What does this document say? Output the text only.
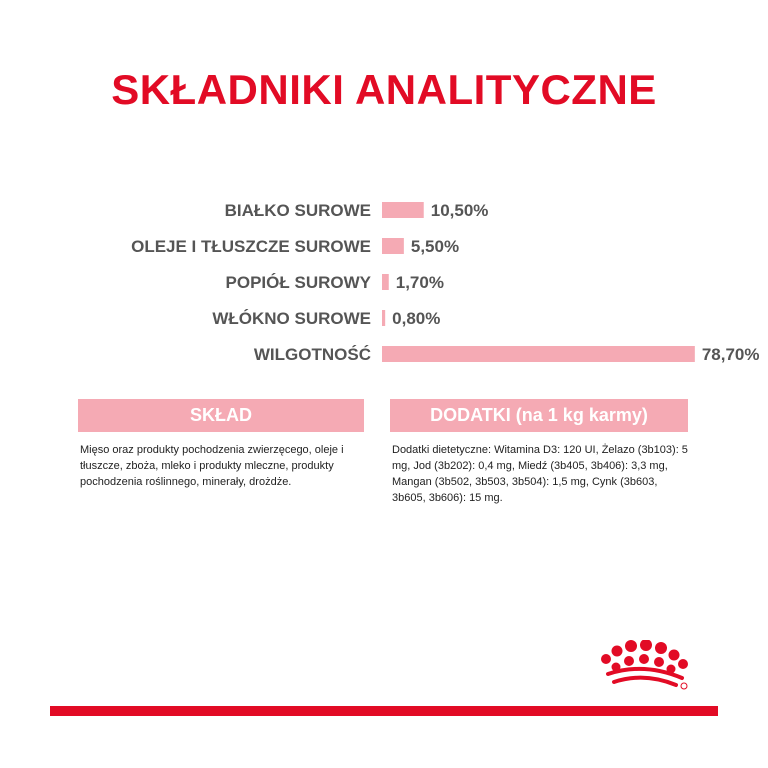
SKŁADNIKI ANALITYCZNE
BIAŁKO SUROWE	10,50%
OLEJE I TŁUSZCZE SUROWE 5,50%
POPIÓŁ SUROWY 1,70%
WŁÓKNO SUROWE 0,80%
WILGOTNOŚĆ	78,70%
SKŁAD	DODATKI (na 1 kg karmy)

Mięso oraz produkty pochodzenia zwierzęcego, oleje i tłuszcze, zboża, mleko i produkty mleczne, produkty pochodzenia roślinnego, minerały, drożdże.

Dodatki dietetyczne: Witamina D3: 120 UI, Żelazo (3b103): 5 mg, Jod (3b202): 0,4 mg, Miedź (3b405, 3b406): 3,3 mg, Mangan (3b502, 3b503, 3b504): 1,5 mg, Cynk (3b603, 3b605, 3b606): 15 mg.
